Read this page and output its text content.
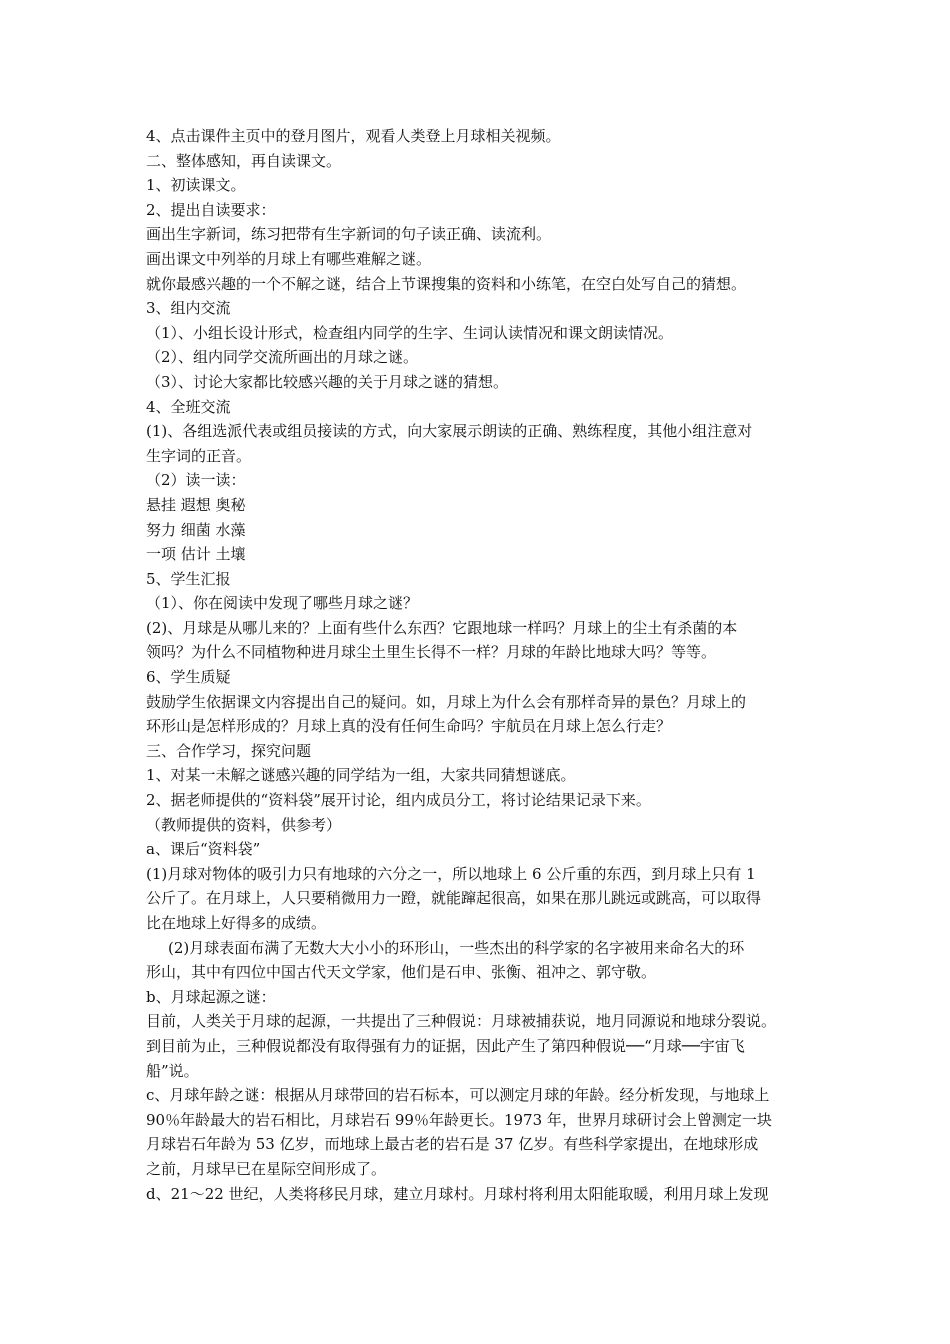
4、点击课件主页中的登月图片，观看人类登上月球相关视频。
二、整体感知，再自读课文。
1、初读课文。
2、提出自读要求：
画出生字新词，练习把带有生字新词的句子读正确、读流利。
画出课文中列举的月球上有哪些难解之谜。
就你最感兴趣的一个不解之谜，结合上节课搜集的资料和小练笔，在空白处写自己的猜想。
3、组内交流
（1）、小组长设计形式，检查组内同学的生字、生词认读情况和课文朗读情况。
（2）、组内同学交流所画出的月球之谜。
（3）、讨论大家都比较感兴趣的关于月球之谜的猜想。
4、全班交流
(1)、各组选派代表或组员接读的方式，向大家展示朗读的正确、熟练程度，其他小组注意对
生字词的正音。
（2）读一读：
悬挂 遐想 奥秘
努力 细菌 水藻
一项 估计 土壤
5、学生汇报
（1）、你在阅读中发现了哪些月球之谜？
(2)、月球是从哪儿来的？上面有些什么东西？它跟地球一样吗？月球上的尘土有杀菌的本
领吗？为什么不同植物种进月球尘土里生长得不一样？月球的年龄比地球大吗？等等。
6、学生质疑
鼓励学生依据课文内容提出自己的疑问。如，月球上为什么会有那样奇异的景色？月球上的
环形山是怎样形成的？月球上真的没有任何生命吗？宇航员在月球上怎么行走？
三、合作学习，探究问题
1、对某一未解之谜感兴趣的同学结为一组，大家共同猜想谜底。
2、据老师提供的“资料袋”展开讨论，组内成员分工，将讨论结果记录下来。
（教师提供的资料，供参考）
a、课后“资料袋”
(1)月球对物体的吸引力只有地球的六分之一，所以地球上 6 公斤重的东西，到月球上只有 1
公斤了。在月球上，人只要稍微用力一蹬，就能蹿起很高，如果在那儿跳远或跳高，可以取得
比在地球上好得多的成绩。
(2)月球表面布满了无数大大小小的环形山，一些杰出的科学家的名字被用来命名大的环
形山，其中有四位中国古代天文学家，他们是石申、张衡、祖冲之、郭守敬。
b、月球起源之谜：
目前，人类关于月球的起源，一共提出了三种假说：月球被捕获说，地月同源说和地球分裂说。
到目前为止，三种假说都没有取得强有力的证据，因此产生了第四种假说──“月球──宇宙飞
船”说。
c、月球年龄之谜：根据从月球带回的岩石标本，可以测定月球的年龄。经分析发现，与地球上
90％年龄最大的岩石相比，月球岩石 99％年龄更长。1973 年，世界月球研讨会上曾测定一块
月球岩石年龄为 53 亿岁，而地球上最古老的岩石是 37 亿岁。有些科学家提出，在地球形成
之前，月球早已在星际空间形成了。
d、21～22 世纪，人类将移民月球，建立月球村。月球村将利用太阳能取暖，利用月球上发现
